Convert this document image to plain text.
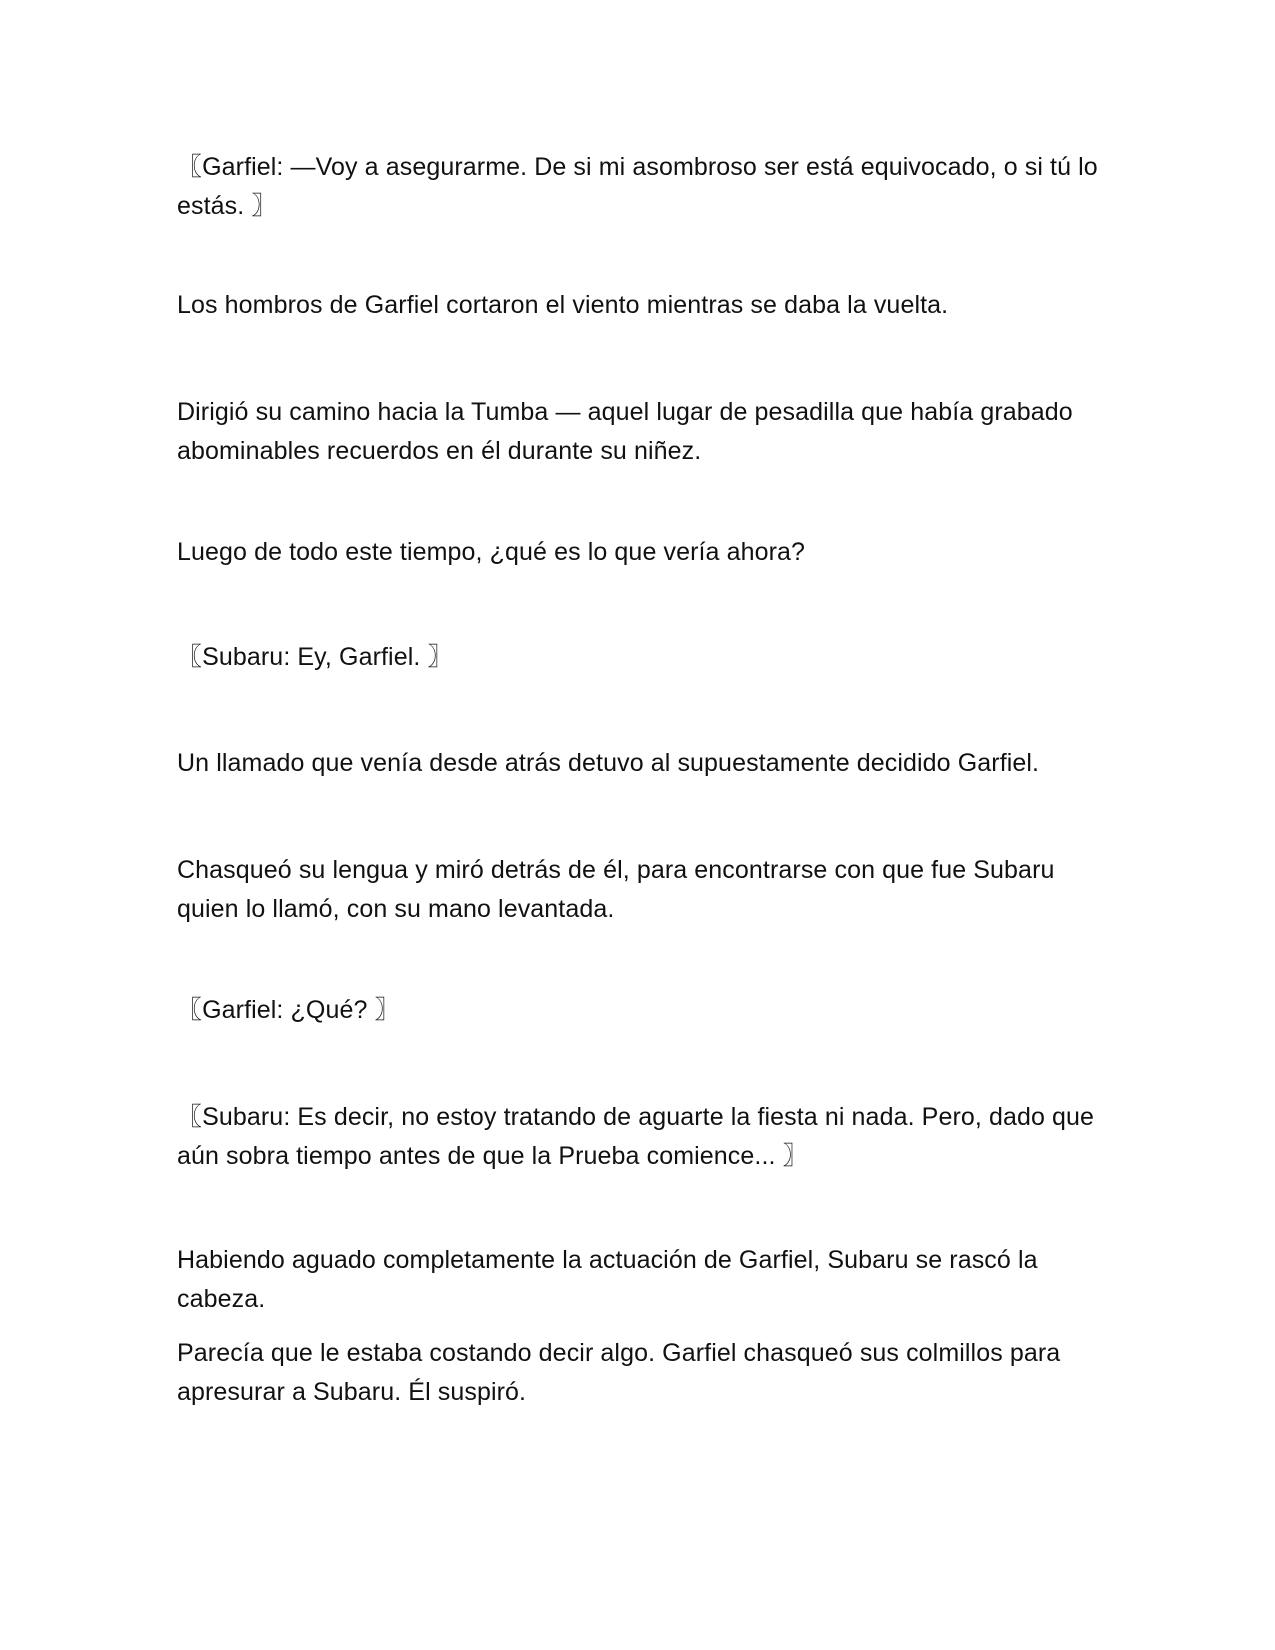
〖Garfiel: —Voy a asegurarme. De si mi asombroso ser está equivocado, o si tú lo estás. 〗

Los hombros de Garfiel cortaron el viento mientras se daba la vuelta.

Dirigió su camino hacia la Tumba — aquel lugar de pesadilla que había grabado abominables recuerdos en él durante su niñez.

Luego de todo este tiempo, ¿qué es lo que vería ahora?

〖Subaru: Ey, Garfiel. 〗

Un llamado que venía desde atrás detuvo al supuestamente decidido Garfiel.

Chasqueó su lengua y miró detrás de él, para encontrarse con que fue Subaru quien lo llamó, con su mano levantada.

〖Garfiel: ¿Qué? 〗

〖Subaru: Es decir, no estoy tratando de aguarte la fiesta ni nada. Pero, dado que aún sobra tiempo antes de que la Prueba comience... 〗

Habiendo aguado completamente la actuación de Garfiel, Subaru se rascó la cabeza.

Parecía que le estaba costando decir algo. Garfiel chasqueó sus colmillos para apresurar a Subaru. Él suspiró.
